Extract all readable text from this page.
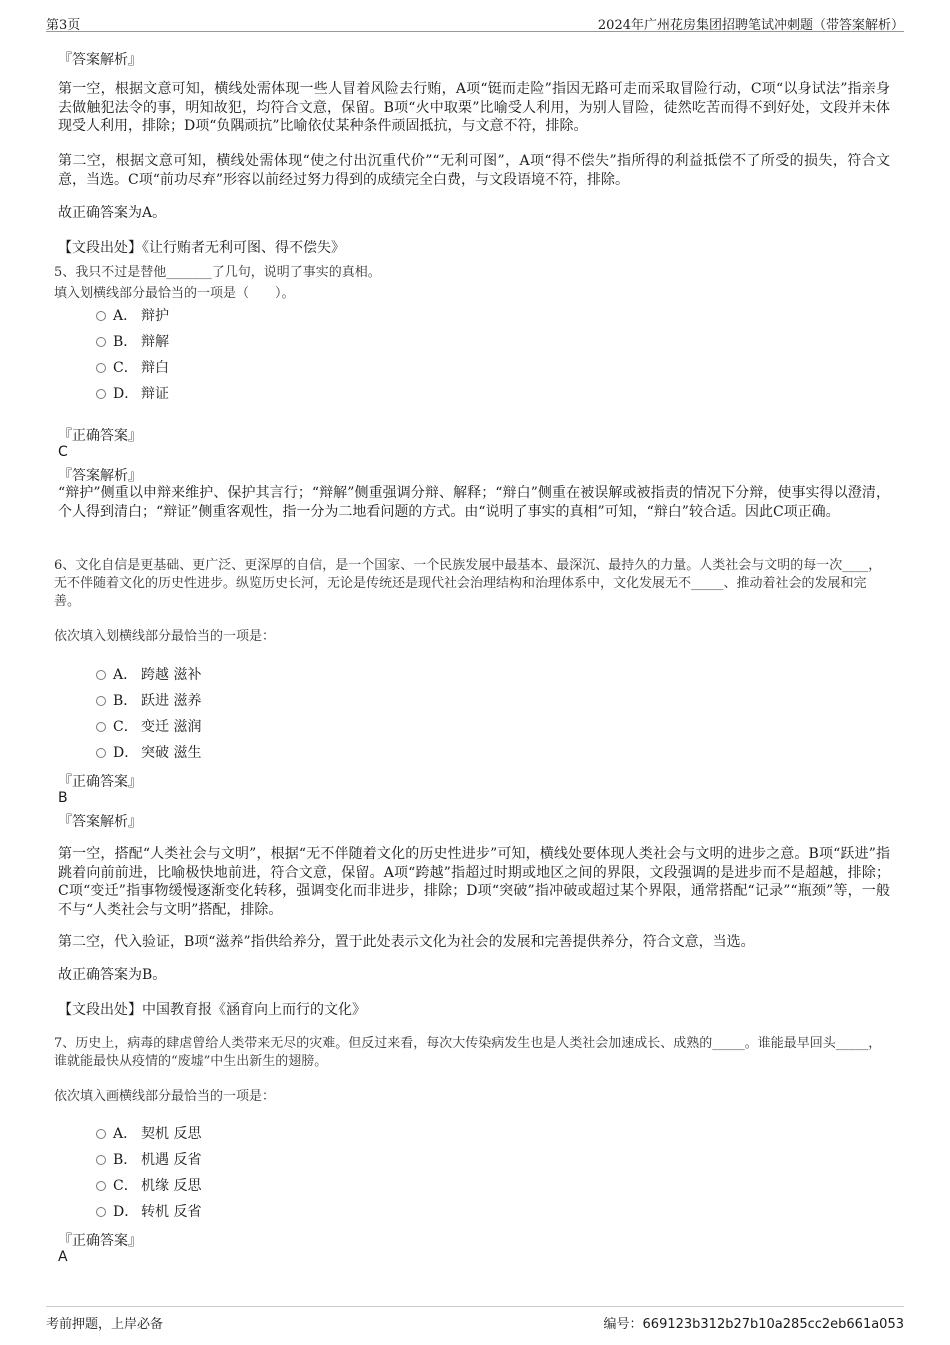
第3页	2024年广州花房集团招聘笔试冲刺题（带答案解析）
『答案解析』
第一空，根据文意可知，横线处需体现一些人冒着风险去行贿，A项“铤而走险”指因无路可走而采取冒险行动，C项“以身试法”指亲身去做触犯法令的事，明知故犯，均符合文意，保留。B项“火中取栗”比喻受人利用，为别人冒险，徒然吃苦而得不到好处，文段并未体现受人利用，排除；D项“负隅顽抗”比喻依仗某种条件顽固抵抗，与文意不符，排除。
第二空，根据文意可知，横线处需体现“使之付出沉重代价”“无利可图”，A项“得不偿失”指所得的利益抵偿不了所受的损失，符合文意，当选。C项“前功尽弃”形容以前经过努力得到的成绩完全白费，与文段语境不符，排除。
故正确答案为A。
【文段出处】《让行贿者无利可图、得不偿失》
5、我只不过是替他_______了几句，说明了事实的真相。
填入划横线部分最恰当的一项是（　　）。
A． 辩护
B． 辩解
C． 辩白
D． 辩证
『正确答案』
C
『答案解析』
“辩护”侧重以申辩来维护、保护其言行；“辩解”侧重强调分辩、解释；“辩白”侧重在被误解或被指责的情况下分辩，使事实得以澄清，个人得到清白；“辩证”侧重客观性，指一分为二地看问题的方式。由“说明了事实的真相”可知，“辩白”较合适。因此C项正确。
6、文化自信是更基础、更广泛、更深厚的自信，是一个国家、一个民族发展中最基本、最深沉、最持久的力量。人类社会与文明的每一次____，无不伴随着文化的历史性进步。纵览历史长河，无论是传统还是现代社会治理结构和治理体系中，文化发展无不_____、推动着社会的发展和完善。
依次填入划横线部分最恰当的一项是：
A． 跨越 滋补
B． 跃进 滋养
C． 变迁 滋润
D． 突破 滋生
『正确答案』
B
『答案解析』
第一空，搭配“人类社会与文明”，根据“无不伴随着文化的历史性进步”可知，横线处要体现人类社会与文明的进步之意。B项“跃进”指跳着向前前进，比喻极快地前进，符合文意，保留。A项“跨越”指超过时期或地区之间的界限，文段强调的是进步而不是超越，排除；C项“变迁”指事物缓慢逐渐变化转移，强调变化而非进步，排除；D项“突破”指冲破或超过某个界限，通常搭配“记录”“瓶颈”等，一般不与“人类社会与文明”搭配，排除。
第二空，代入验证，B项“滋养”指供给养分，置于此处表示文化为社会的发展和完善提供养分，符合文意，当选。
故正确答案为B。
【文段出处】中国教育报《涵育向上而行的文化》
7、历史上，病毒的肆虐曾给人类带来无尽的灾难。但反过来看，每次大传染病发生也是人类社会加速成长、成熟的_____。谁能最早回头_____，谁就能最快从疫情的“废墟”中生出新生的翅膀。
依次填入画横线部分最恰当的一项是：
A． 契机 反思
B． 机遇 反省
C． 机缘 反思
D． 转机 反省
『正确答案』
A
考前押题，上岸必备	编号：669123b312b27b10a285cc2eb661a053
